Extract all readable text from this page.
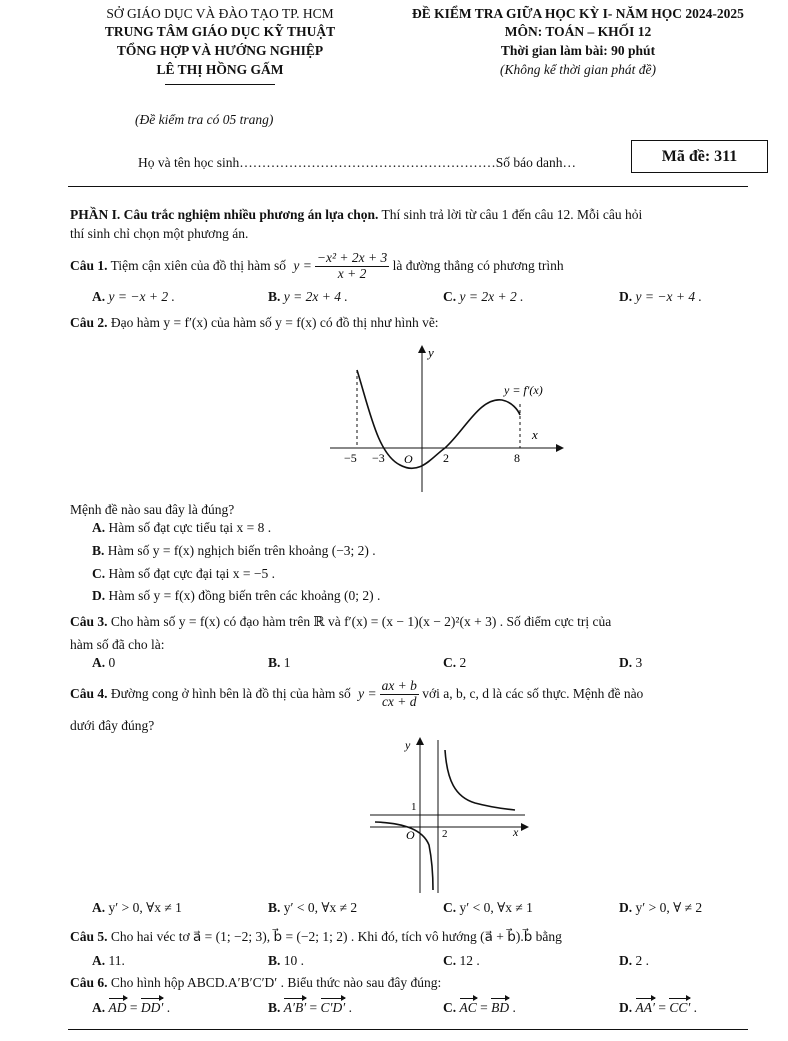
SỞ GIÁO DỤC VÀ ĐÀO TẠO TP. HCM
TRUNG TÂM GIÁO DỤC KỸ THUẬT
TỔNG HỢP VÀ HƯỚNG NGHIỆP
LÊ THỊ HỒNG GẤM
ĐỀ KIỂM TRA GIỮA HỌC KỲ I- NĂM HỌC 2024-2025
MÔN: TOÁN – KHỐI 12
Thời gian làm bài: 90 phút
(Không kể thời gian phát đề)
(Đề kiểm tra có 05 trang)
Họ và tên học sinh…………………………………………………Số báo danh…	Mã đề: 311
PHẦN I. Câu trắc nghiệm nhiều phương án lựa chọn. Thí sinh trả lời từ câu 1 đến câu 12. Mỗi câu hỏi
thí sinh chỉ chọn một phương án.
Câu 1. Tiệm cận xiên của đồ thị hàm số $y = \frac{\text{−x² + 2x + 3}}{x + 2}$ là đường thẳng có phương trình
A. y = −x + 2 .	B. y = 2x + 4 .	C. y = 2x + 2 .	D. y = −x + 4 .
Câu 2. Đạo hàm y = f′(x) của hàm số y = f(x) có đồ thị như hình vẽ:
y
x
y = f′(x)
−5 −3 O	2	8
Mệnh đề nào sau đây là đúng?
A. Hàm số đạt cực tiểu tại x = 8 .
B. Hàm số y = f(x) nghịch biến trên khoảng (−3; 2) .
C. Hàm số đạt cực đại tại x = −5 .
D. Hàm số y = f(x) đồng biến trên các khoảng (0; 2) .
Câu 3. Cho hàm số y = f(x) có đạo hàm trên ℝ và f′(x) = (x − 1)(x − 2)²(x + 3) . Số điểm cực trị của
hàm số đã cho là:
A. 0	B. 1	C. 2	D. 3
Câu 4. Đường cong ở hình bên là đồ thị của hàm số $y = \frac{ax + b}{cx + d}$ với a, b, c, d là các số thực. Mệnh đề nào
dưới đây đúng?
y
x
1
O 2
A. y′ > 0, ∀x ≠ 1	B. y′ < 0, ∀x ≠ 2	C. y′ < 0, ∀x ≠ 1	D. y′ > 0, ∀ ≠ 2
Câu 5. Cho hai véc tơ a⃗ = (1; −2; 3), b⃗ = (−2; 1; 2) . Khi đó, tích vô hướng (a⃗ + b⃗).b⃗ bằng
A. 11.	B. 10 .	C. 12 .	D. 2 .
Câu 6. Cho hình hộp ABCD.A′B′C′D′ . Biểu thức nào sau đây đúng:
A. AD = DD′ .	B. A′B′ = C′D′ .	C. AC = BD .	D. AA′ = CC′ .
